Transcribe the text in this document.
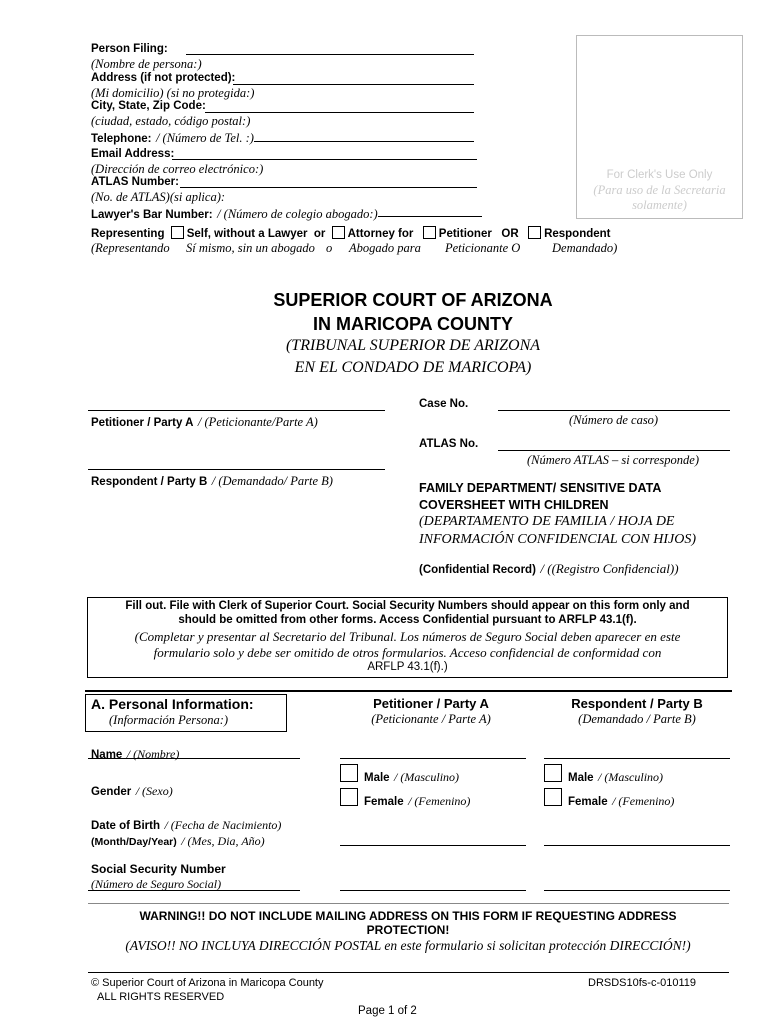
Person Filing:
(Nombre de persona:)
Address (if not protected):
(Mi domicilio) (si no protegida:)
City, State, Zip Code:
(ciudad, estado, código postal:)
Telephone: / (Número de Tel. :)
Email Address:
(Dirección de correo electrónico:)
ATLAS Number:
(No. de ATLAS)(si aplica):
Lawyer's Bar Number: / (Número de colegio abogado:)
For Clerk's Use Only
(Para uso de la Secretaria
solamente)
Representing Self, without a Lawyer or Attorney for Petitioner OR Respondent
(Representando Sí mismo, sin un abogado o Abogado para Peticionante O	Demandado)
SUPERIOR COURT OF ARIZONA
IN MARICOPA COUNTY
(TRIBUNAL SUPERIOR DE ARIZONA
EN EL CONDADO DE MARICOPA)
Petitioner / Party A / (Peticionante/Parte A)
Respondent / Party B / (Demandado/ Parte B)
Case No.
(Número de caso)
ATLAS No.
(Número ATLAS – si corresponde)
FAMILY DEPARTMENT/ SENSITIVE DATA
COVERSHEET WITH CHILDREN
(DEPARTAMENTO DE FAMILIA / HOJA DE
INFORMACIÓN CONFIDENCIAL CON HIJOS)
(Confidential Record) / ((Registro Confidencial))
Fill out. File with Clerk of Superior Court. Social Security Numbers should appear on this form only and
should be omitted from other forms. Access Confidential pursuant to ARFLP 43.1(f).
(Completar y presentar al Secretario del Tribunal. Los números de Seguro Social deben aparecer en este
formulario solo y debe ser omitido de otros formularios. Acceso confidencial de conformidad con
ARFLP 43.1(f).)
A. Personal Information:
(Información Persona:)
Petitioner / Party A
(Peticionante / Parte A)
Respondent / Party B
(Demandado / Parte B)
Name / (Nombre)
Gender / (Sexo)
Male / (Masculino)
Female / (Femenino)
Male / (Masculino)
Female / (Femenino)
Date of Birth / (Fecha de Nacimiento)
(Month/Day/Year) / (Mes, Dia, Año)
Social Security Number
(Número de Seguro Social)
WARNING!! DO NOT INCLUDE MAILING ADDRESS ON THIS FORM IF REQUESTING ADDRESS
PROTECTION!
(AVISO!! NO INCLUYA DIRECCIÓN POSTAL en este formulario si solicitan protección DIRECCIÓN!)
© Superior Court of Arizona in Maricopa County
ALL RIGHTS RESERVED
DRSDS10fs-c-010119
Page 1 of 2
